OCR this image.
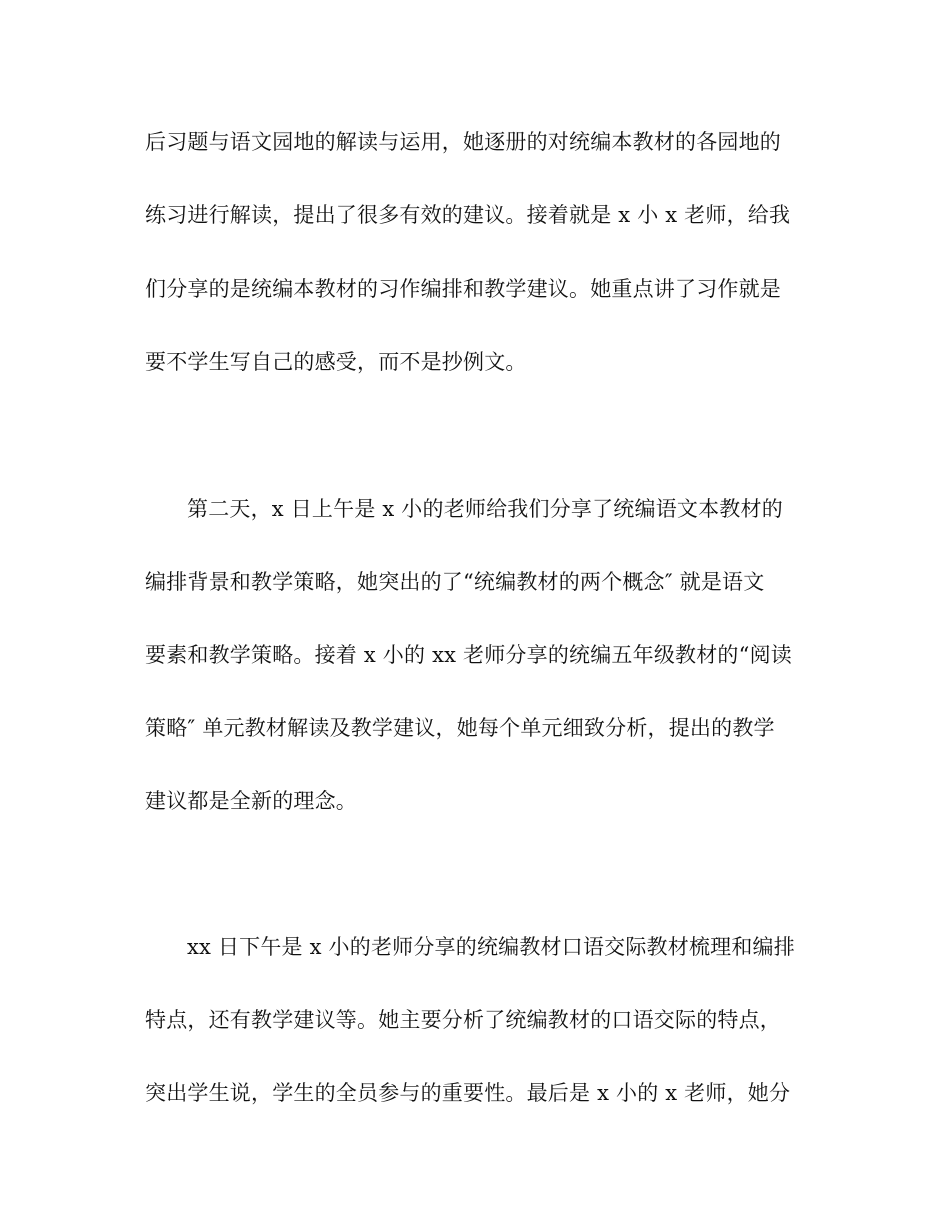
后习题与语文园地的解读与运用，她逐册的对统编本教材的各园地的
练习进行解读，提出了很多有效的建议。接着就是 x 小 x 老师，给我
们分享的是统编本教材的习作编排和教学建议。她重点讲了习作就是
要不学生写自己的感受，而不是抄例文。
第二天，x 日上午是 x 小的老师给我们分享了统编语文本教材的
编排背景和教学策略，她突出的了“统编教材的两个概念″ 就是语文
要素和教学策略。接着 x 小的 xx 老师分享的统编五年级教材的“阅读
策略″ 单元教材解读及教学建议，她每个单元细致分析，提出的教学
建议都是全新的理念。
xx 日下午是 x 小的老师分享的统编教材口语交际教材梳理和编排
特点，还有教学建议等。她主要分析了统编教材的口语交际的特点，
突出学生说，学生的全员参与的重要性。最后是 x 小的 x 老师，她分
